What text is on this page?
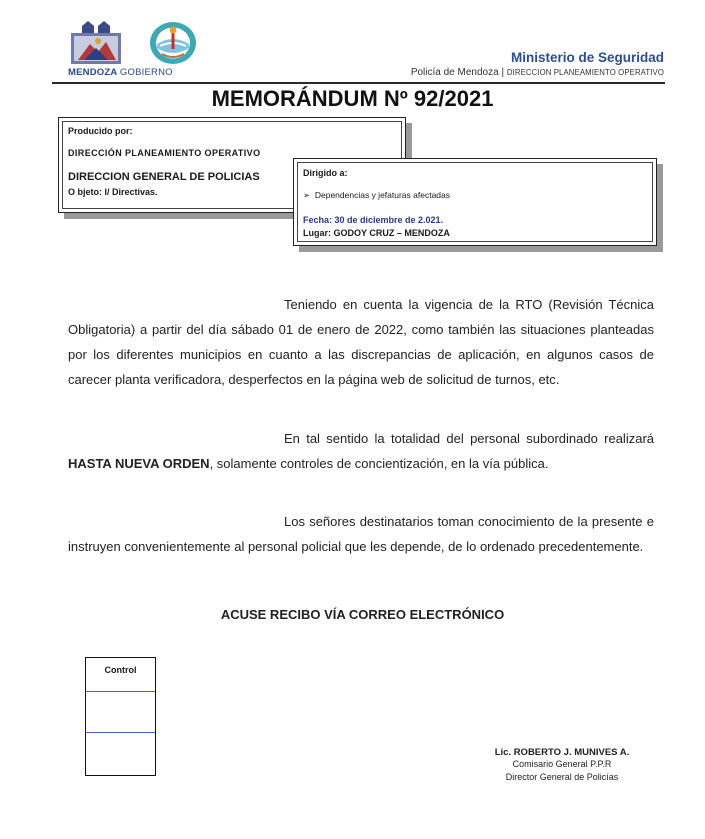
MENDOZA GOBIERNO
Ministerio de Seguridad
Policía de Mendoza | DIRECCION PLANEAMIENTO OPERATIVO
MEMORÁNDUM Nº 92/2021
Producido por:
DIRECCIÓN PLANEAMIENTO OPERATIVO
DIRECCION GENERAL DE POLICIAS
O bjeto: I/ Directivas.
Dirigido a:
➢ Dependencias y jefaturas afectadas
Fecha: 30 de diciembre de 2.021.
Lugar: GODOY CRUZ – MENDOZA
Teniendo en cuenta la vigencia de la RTO (Revisión Técnica Obligatoria) a partir del día sábado 01 de enero de 2022, como también las situaciones planteadas por los diferentes municipios en cuanto a las discrepancias de aplicación, en algunos casos de carecer planta verificadora, desperfectos en la página web de solicitud de turnos, etc.
En tal sentido la totalidad del personal subordinado realizará HASTA NUEVA ORDEN, solamente controles de concientización, en la vía pública.
Los señores destinatarios toman conocimiento de la presente e instruyen convenientemente al personal policial que les depende, de lo ordenado precedentemente.
ACUSE RECIBO VÍA CORREO ELECTRÓNICO
Control
Lic. ROBERTO J. MUNIVES A.
Comisario General P.P.R
Director General de Policías
